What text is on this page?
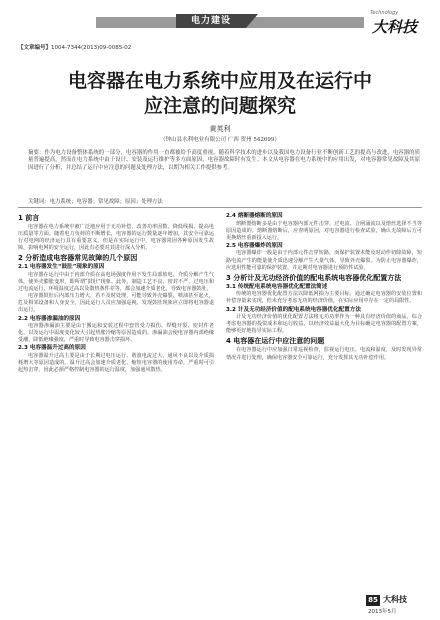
电力建设
Technology
大科技
【文章编号】1004-7344(2013)09-0085-02
电容器在电力系统中应用及在运行中
应注意的问题探究
黄英利
（钟山县水利电业有限公司 广西 贺州 542699）
摘要：作为电力设备整体系统的一部分，电容器的作用一直都被给予高度重视，随着科学技术的进步以及我国电力设备行业不断创新工艺的提高与改进，电容器的质量普遍提高，然而在电力系统中由于设计、安装及运行维护等多方面原因，电容器故障时有发生。本文从电容器在电力系统中的应用出发，对电容器常见故障及其原因进行了分析，并总结了运行中应注意的问题及处理方法，以期为相关工作提供参考。
关键词：电力系统；电容器；常见故障；原因；处理方法
1 前言
电容器在电力系统中被广泛地应用于无功补偿、改善功率因数、降低线损、提高电压质量等方面。随着电力负荷的不断增长，电容器的运行数量逐年增加，其安全可靠运行对电网的经济运行具有重要意义。但是在实际运行中，电容器常因各种原因发生故障，影响电网的安全运行，因此有必要对其进行深入分析。
2 分析造成电容器常见故障的几个原因
2.1 电容器发生“鼓肚”现象的原因
电容器在运行中由于内部介质在高电场强度作用下发生局部放电，介质分解产生气体，使外壳膨胀变形，即所谓“鼓肚”现象。此外，制造工艺不良、密封不严、过电压和过电流运行、环境温度过高以及散热条件差等，都会加速介质老化，导致电容器鼓肚。
电容器鼓肚后内部压力增大，若不及时处理，可能导致外壳爆裂、喷油甚至起火，危及相邻设备和人身安全，因此运行人员应加强巡视，发现鼓肚现象应立即将电容器退出运行。
2.2 电容器渗漏油的原因
电容器渗漏油主要是由于搬运和安装过程中套管受力损伤、焊缝开裂、密封件老化，以及运行中温度变化较大引起热胀冷缩等原因造成的。渗漏油会使电容器内部绝缘受潮，降低绝缘强度，严重时导致电容器击穿损坏。
2.3 电容器温升过高的原因
电容器温升过高主要是由于长期过电压运行、谐波电流过大、通风不良以及介质损耗增大等原因造成的。温升过高会加速介质老化，缩短电容器的使用寿命，严重时可引起热击穿，因此必须严格控制电容器的运行温度，加强通风散热。
2.4 熔断器熔断的原因
熔断器熔断多是由于电容器内部元件击穿、过电流、合闸涌流以及熔丝选择不当等原因造成的。熔断器熔断后，应查明原因，对电容器进行检查试验，确认无故障后方可更换熔丝重新投入运行。
2.5 电容器爆炸的原因
电容器爆炸一般是由于内部元件击穿短路，而保护装置未能及时动作切除故障，短路电流产生的能量使介质迅速分解产生大量气体，导致外壳爆裂。为防止电容器爆炸，应选用性能可靠的保护装置，并定期对电容器进行预防性试验。
3 分析计及无功经济价值的配电系统电容器优化配置方法
3.1 传统配电系统电容器优化配置法简述
传统的电容器优化配置方法以降低网损为主要目标，通过确定电容器的安装位置和补偿容量来实现，但未充分考虑无功的经济价值，在实际应用中存在一定的局限性。
3.2 计及无功经济价值的配电系统电容器优化配置方法
计及无功经济价值的优化配置方法将无功功率作为一种具有经济价值的商品，综合考虑电容器的投资成本和运行收益，以经济效益最大化为目标确定电容器的配置方案，能够更好地指导实际工程。
4 电容器在运行中应注意的问题
在电容器运行中应加强日常巡视检查，监视运行电压、电流和温度，及时发现异常情况并进行处理，确保电容器安全可靠运行，充分发挥其无功补偿作用。
85 大科技
2013年5月
